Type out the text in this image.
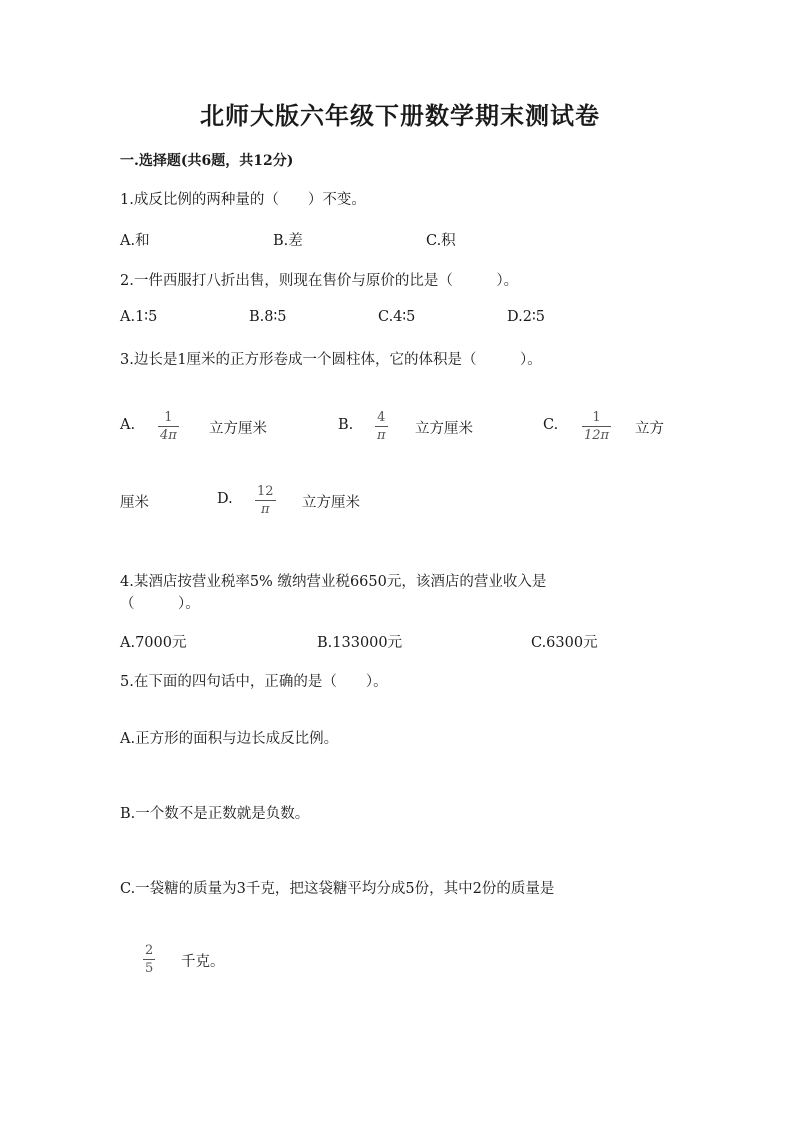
北师大版六年级下册数学期末测试卷
一.选择题(共6题，共12分)
1.成反比例的两种量的（　　）不变。
A.和	B.差	C.积
2.一件西服打八折出售，则现在售价与原价的比是（　　　）。
A.1∶5	B.8∶5	C.4∶5	D.2∶5
3.边长是1厘米的正方形卷成一个圆柱体，它的体积是（　　　）。
A. 1
4π 立方厘米	B. 4
π 立方厘米	C.	1
12π 立方
厘米	D. 12
π 立方厘米
4.某酒店按营业税率5% 缴纳营业税6650元，该酒店的营业收入是
（　　　）。
A.7000元	B.133000元	C.6300元
5.在下面的四句话中，正确的是（　　）。
A.正方形的面积与边长成反比例。
B.一个数不是正数就是负数。
C.一袋糖的质量为3千克，把这袋糖平均分成5份，其中2份的质量是
2
5 千克。
